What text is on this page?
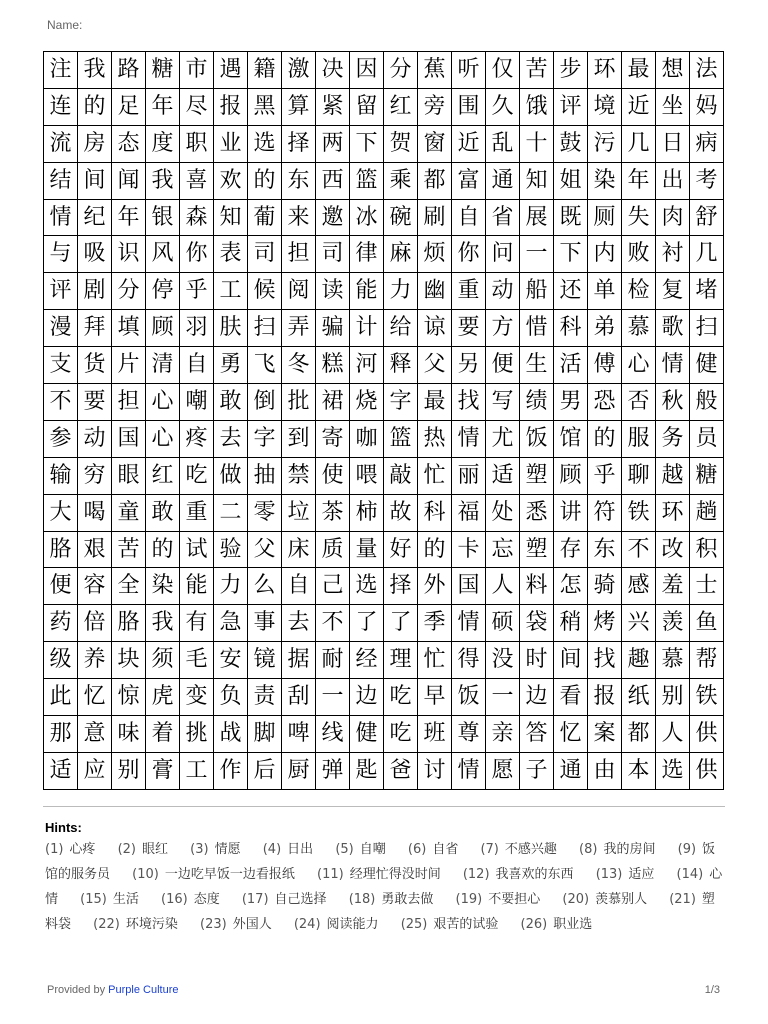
Name:
注 我 路 糖 市 遇 籍 激 决 因 分 蕉 听 仅 苦 步 环 最 想 法
连 的 足 年 尽 报 黑 算 紧 留 红 旁 围 久 饿 评 境 近 坐 妈
流 房 态 度 职 业 选 择 两 下 贺 窗 近 乱 十 鼓 污 几 日 病
结 间 闻 我 喜 欢 的 东 西 篮 乘 都 富 通 知 姐 染 年 出 考
情 纪 年 银 森 知 葡 来 邀 冰 碗 刷 自 省 展 既 厕 失 肉 舒
与 吸 识 风 你 表 司 担 司 律 麻 烦 你 问 一 下 内 败 衬 几
评 剧 分 停 乎 工 候 阅 读 能 力 幽 重 动 船 还 单 检 复 堵
漫 拜 填 顾 羽 肤 扫 弄 骗 计 给 谅 要 方 惜 科 弟 慕 歌 扫
支 货 片 清 自 勇 飞 冬 糕 河 释 父 另 便 生 活 傅 心 情 健
不 要 担 心 嘲 敢 倒 批 裙 烧 字 最 找 写 绩 男 恐 否 秋 般
参 动 国 心 疼 去 字 到 寄 咖 篮 热 情 尤 饭 馆 的 服 务 员
输 穷 眼 红 吃 做 抽 禁 使 喂 敲 忙 丽 适 塑 顾 乎 聊 越 糖
大 喝 童 敢 重 二 零 垃 茶 柿 故 科 福 处 悉 讲 符 铁 环 趟
胳 艰 苦 的 试 验 父 床 质 量 好 的 卡 忘 塑 存 东 不 改 积
便 容 全 染 能 力 么 自 己 选 择 外 国 人 料 怎 骑 感 羞 士
药 倍 胳 我 有 急 事 去 不 了 了 季 情 硕 袋 稍 烤 兴 羡 鱼
级 养 块 须 毛 安 镜 据 耐 经 理 忙 得 没 时 间 找 趣 慕 帮
此 忆 惊 虎 变 负 责 刮 一 边 吃 早 饭 一 边 看 报 纸 别 铁
那 意 味 着 挑 战 脚 啤 线 健 吃 班 尊 亲 答 忆 案 都 人 供
适 应 别 膏 工 作 后 厨 弹 匙 爸 讨 情 愿 子 通 由 本 选 供
Hints:
(1) 心疼 (2) 眼红 (3) 情愿 (4) 日出 (5) 自嘲 (6) 自省 (7) 不感兴趣 (8) 我的房间 (9) 饭馆的服务员 (10) 一边吃早饭一边看报纸 (11) 经理忙得没时间 (12) 我喜欢的东西 (13) 适应 (14) 心情 (15) 生活 (16) 态度 (17) 自己选择 (18) 勇敢去做 (19) 不要担心 (20) 羡慕别人 (21) 塑料袋 (22) 环境污染 (23) 外国人 (24) 阅读能力 (25) 艰苦的试验 (26) 职业选
Provided by Purple Culture	1/3
